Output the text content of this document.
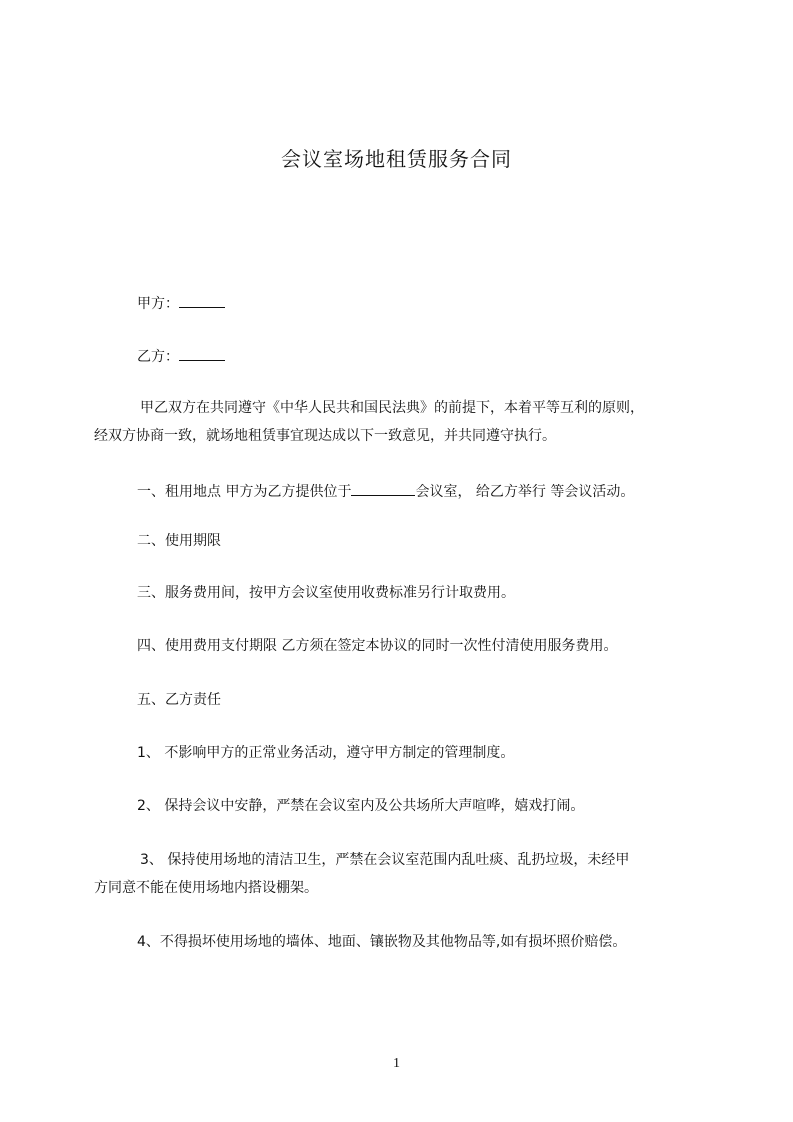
会议室场地租赁服务合同
甲方：
乙方：
甲乙双方在共同遵守《中华人民共和国民法典》的前提下，本着平等互利的原则，
经双方协商一致，就场地租赁事宜现达成以下一致意见，并共同遵守执行。
一、租用地点 甲方为乙方提供位于	会议室， 给乙方举行 等会议活动。
二、使用期限
三、服务费用间，按甲方会议室使用收费标准另行计取费用。
四、使用费用支付期限 乙方须在签定本协议的同时一次性付清使用服务费用。
五、乙方责任
1、 不影响甲方的正常业务活动，遵守甲方制定的管理制度。
2、 保持会议中安静，严禁在会议室内及公共场所大声喧哗，嬉戏打闹。
3、 保持使用场地的清洁卫生，严禁在会议室范围内乱吐痰、乱扔垃圾，未经甲
方同意不能在使用场地内搭设棚架。
4、不得损坏使用场地的墙体、地面、镶嵌物及其他物品等,如有损坏照价赔偿。
1
